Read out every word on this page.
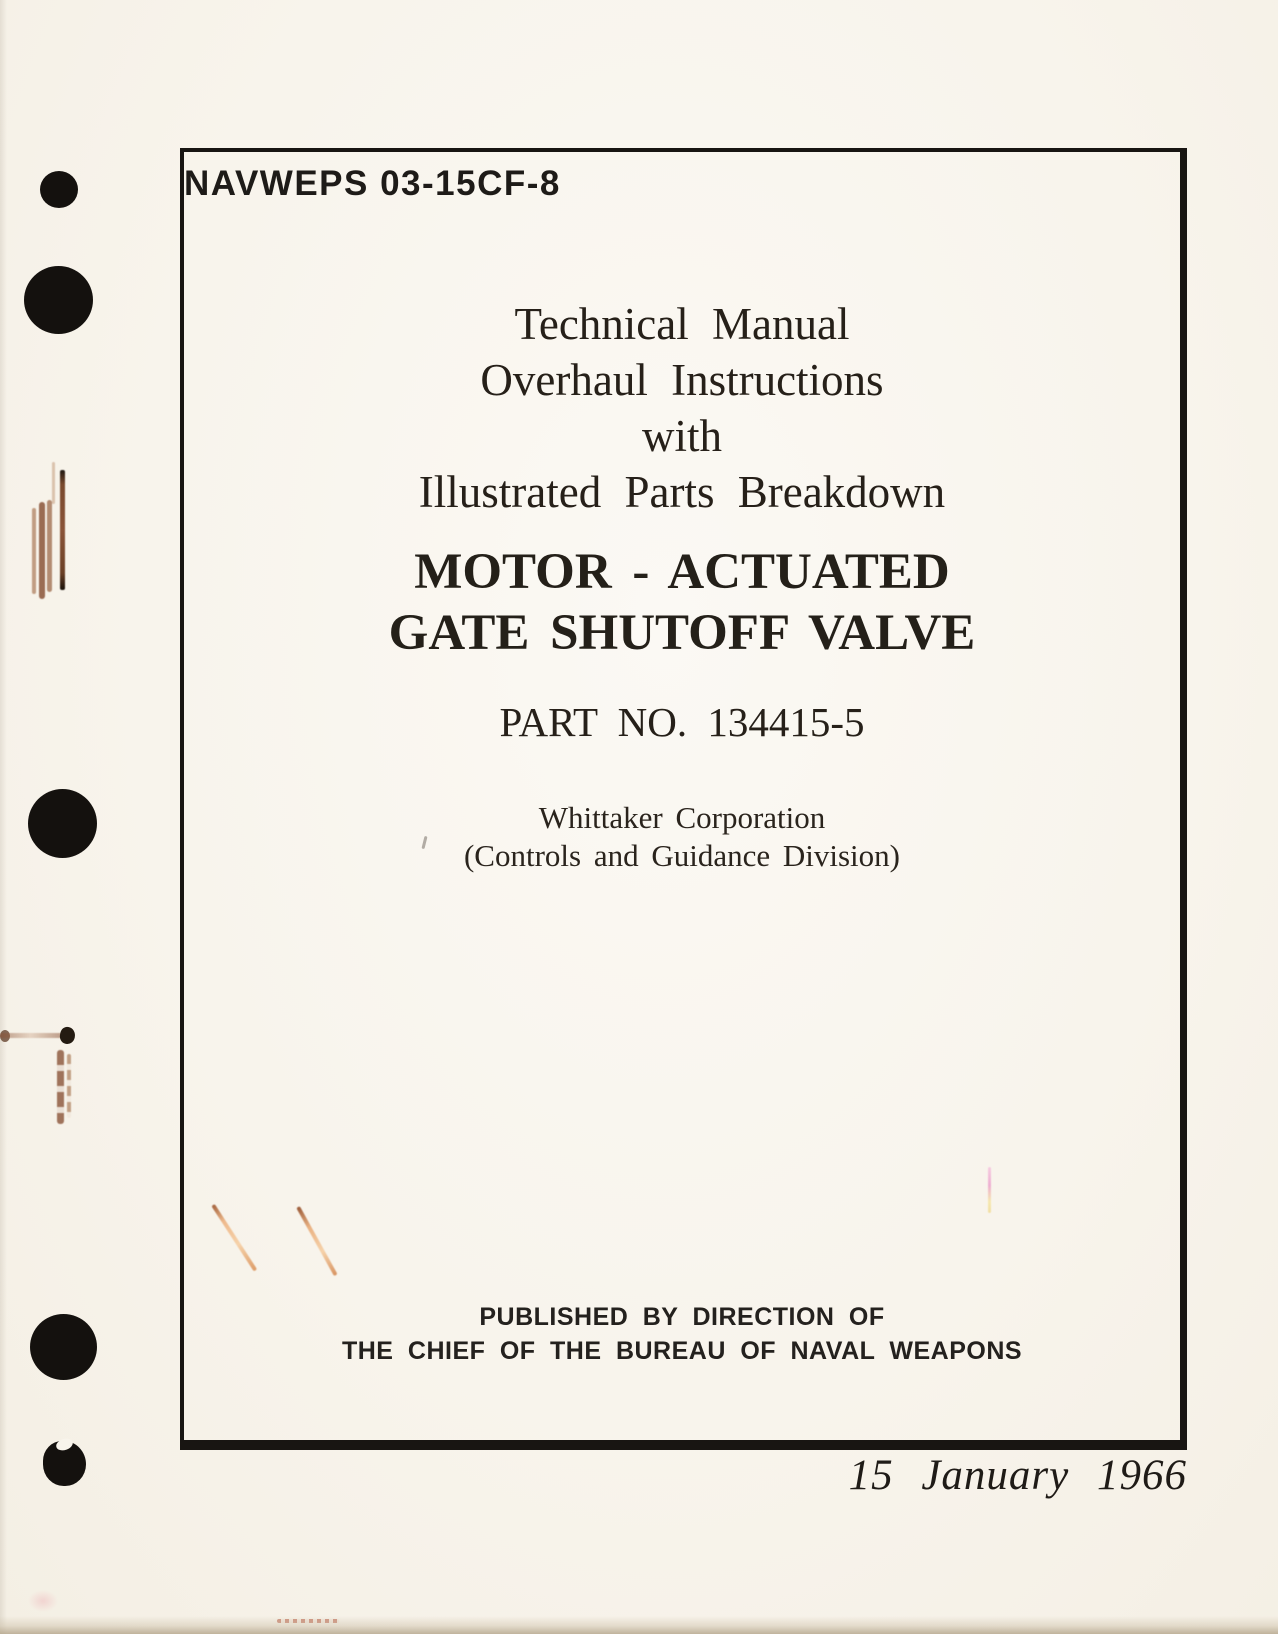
NAVWEPS 03-15CF-8
Technical Manual
Overhaul Instructions
with
Illustrated Parts Breakdown
MOTOR - ACTUATED
GATE SHUTOFF VALVE
PART NO. 134415-5
Whittaker Corporation
(Controls and Guidance Division)
PUBLISHED BY DIRECTION OF
THE CHIEF OF THE BUREAU OF NAVAL WEAPONS
15 January 1966
